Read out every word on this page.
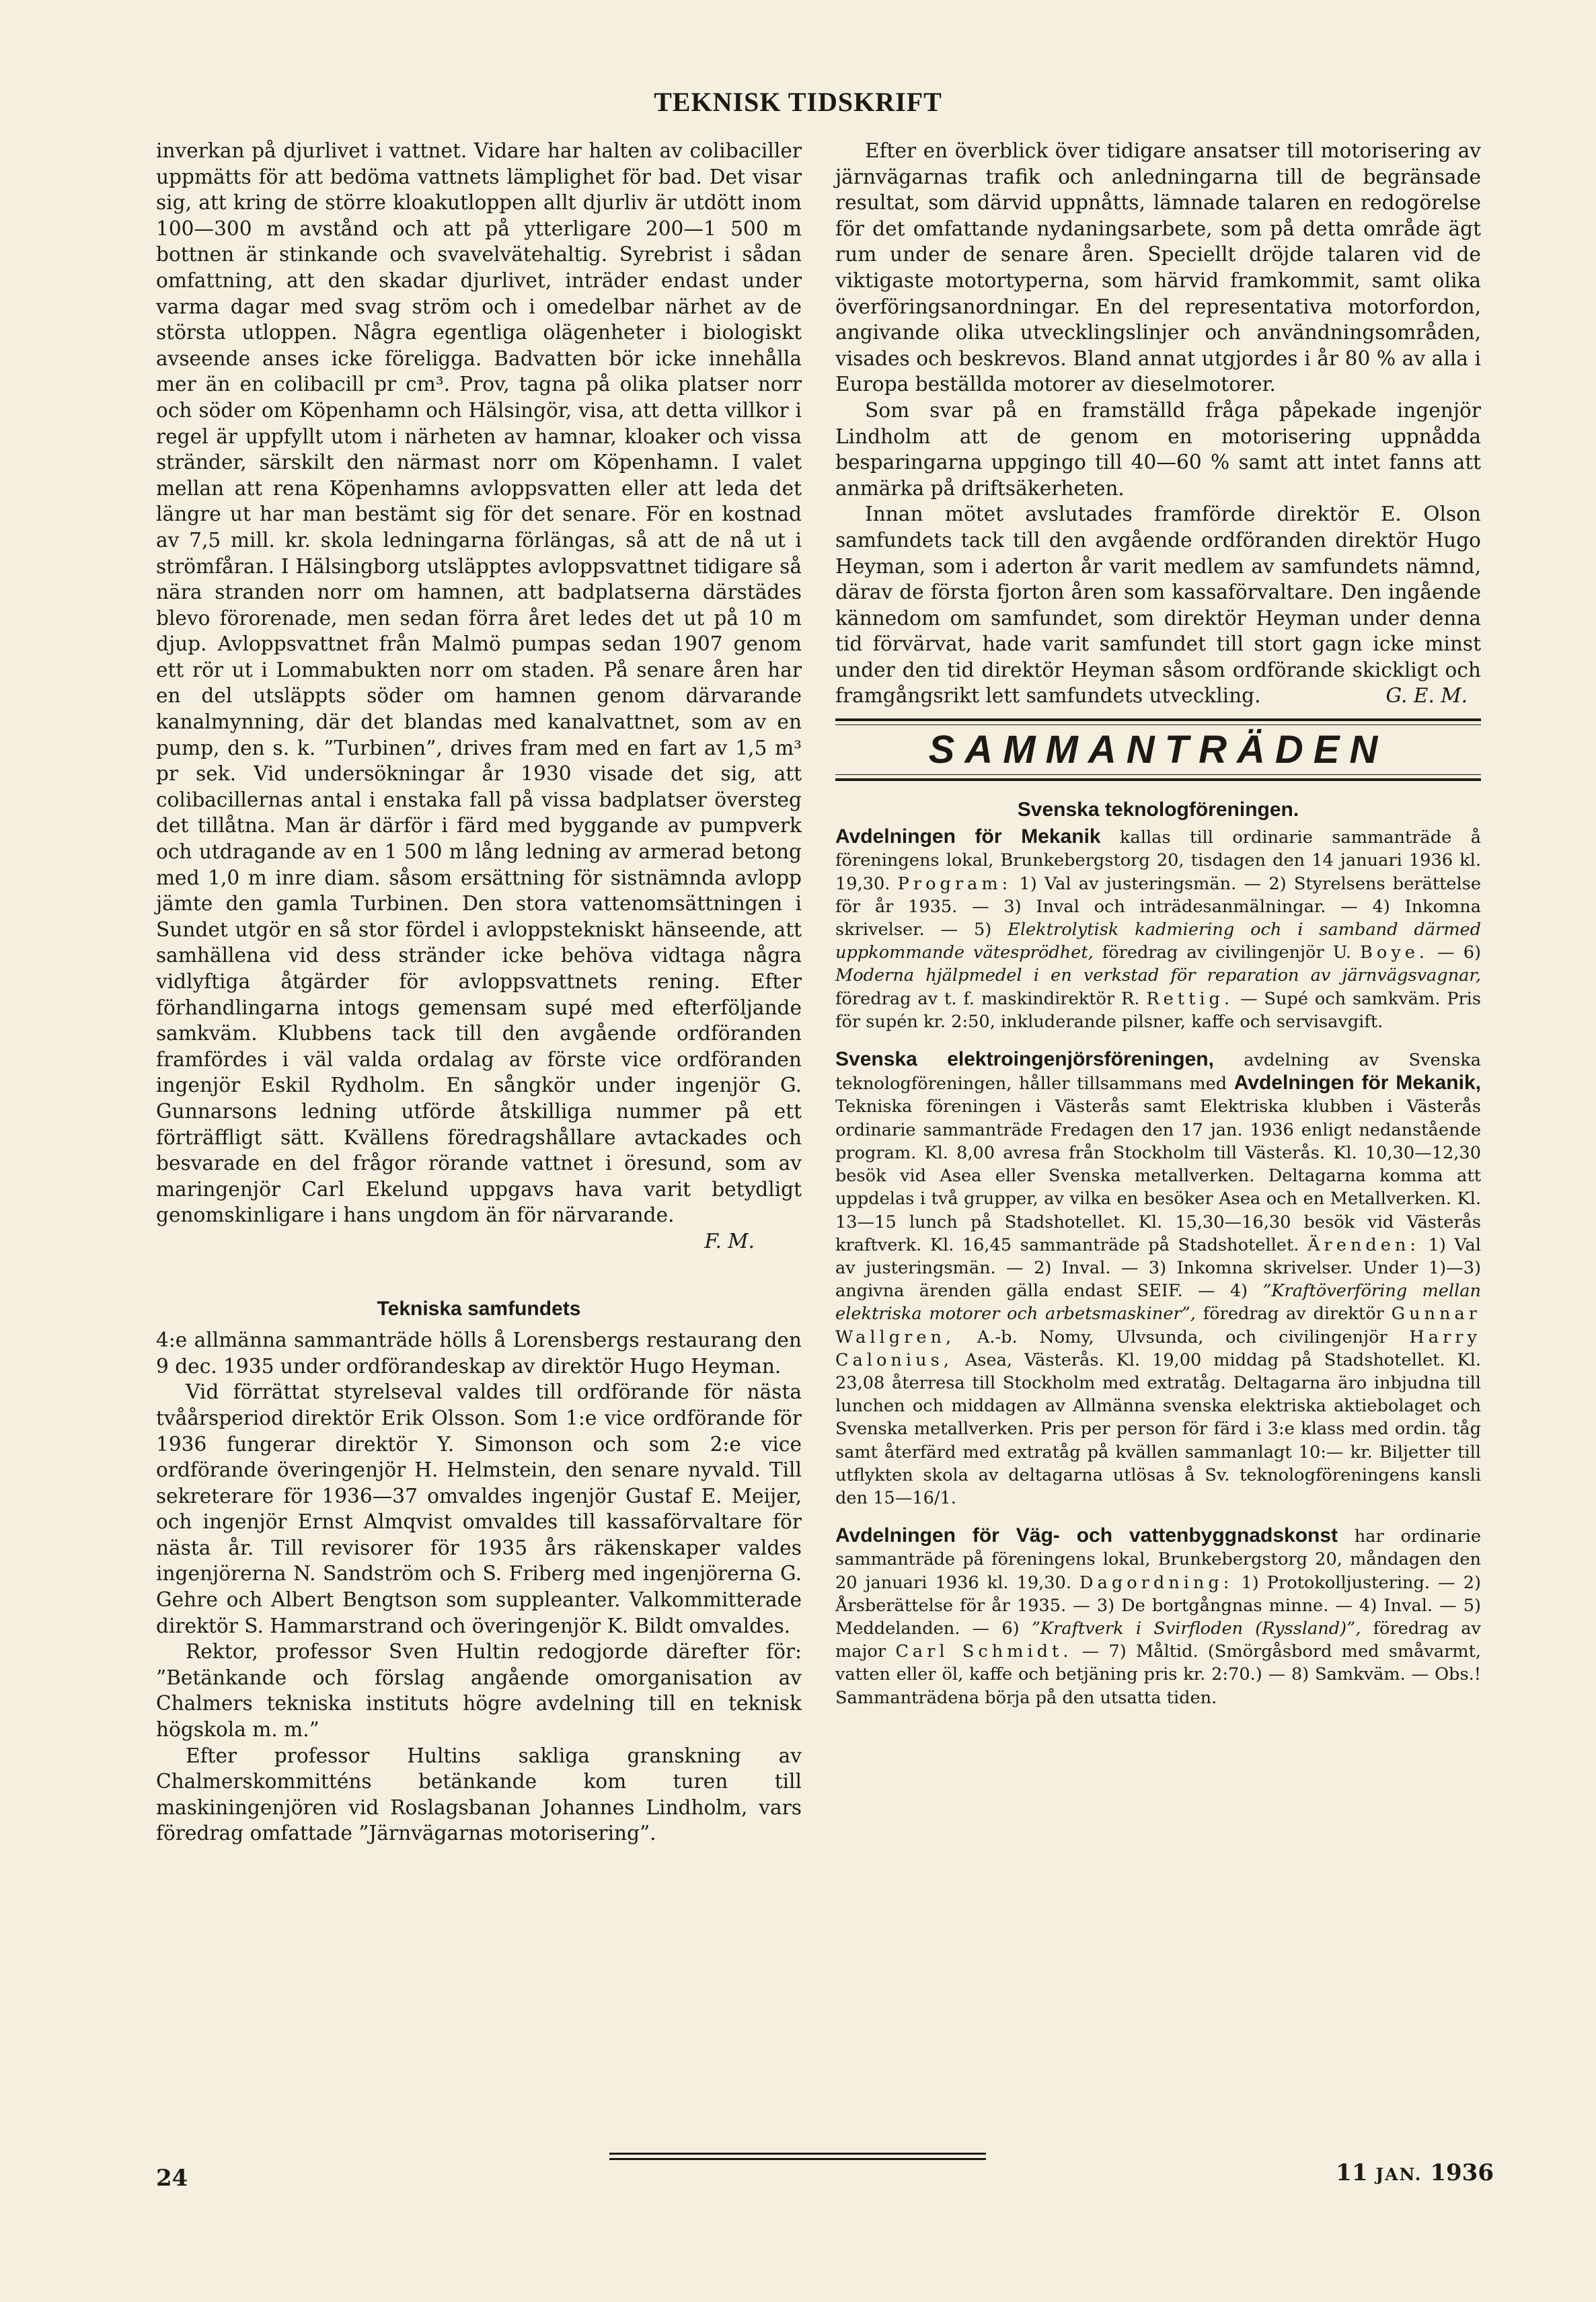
TEKNISK TIDSKRIFT

inverkan på djurlivet i vattnet. Vidare har halten av colibaciller uppmätts för att bedöma vattnets lämplighet för bad. Det visar sig, att kring de större kloakutloppen allt djurliv är utdött inom 100—300 m avstånd och att på ytterligare 200—1 500 m bottnen är stinkande och svavelvätehaltig. Syrebrist i sådan omfattning, att den skadar djurlivet, inträder endast under varma dagar med svag ström och i omedelbar närhet av de största utloppen. Några egentliga olägenheter i biologiskt avseende anses icke föreligga. Badvatten bör icke innehålla mer än en colibacill pr cm³. Prov, tagna på olika platser norr och söder om Köpenhamn och Hälsingör, visa, att detta villkor i regel är uppfyllt utom i närheten av hamnar, kloaker och vissa stränder, särskilt den närmast norr om Köpenhamn. I valet mellan att rena Köpenhamns avloppsvatten eller att leda det längre ut har man bestämt sig för det senare. För en kostnad av 7,5 mill. kr. skola ledningarna förlängas, så att de nå ut i strömfåran. I Hälsingborg utsläpptes avloppsvattnet tidigare så nära stranden norr om hamnen, att badplatserna därstädes blevo förorenade, men sedan förra året ledes det ut på 10 m djup. Avloppsvattnet från Malmö pumpas sedan 1907 genom ett rör ut i Lommabukten norr om staden. På senare åren har en del utsläppts söder om hamnen genom därvarande kanalmynning, där det blandas med kanalvattnet, som av en pump, den s. k. ”Turbinen”, drives fram med en fart av 1,5 m³ pr sek. Vid undersökningar år 1930 visade det sig, att colibacillernas antal i enstaka fall på vissa badplatser översteg det tillåtna. Man är därför i färd med byggande av pumpverk och utdragande av en 1 500 m lång ledning av armerad betong med 1,0 m inre diam. såsom ersättning för sistnämnda avlopp jämte den gamla Turbinen. Den stora vattenomsättningen i Sundet utgör en så stor fördel i avloppstekniskt hänseende, att samhällena vid dess stränder icke behöva vidtaga några vidlyftiga åtgärder för avloppsvattnets rening. Efter förhandlingarna intogs gemensam supé med efterföljande samkväm. Klubbens tack till den avgående ordföranden framfördes i väl valda ordalag av förste vice ordföranden ingenjör Eskil Rydholm. En sångkör under ingenjör G. Gunnarsons ledning utförde åtskilliga nummer på ett förträffligt sätt. Kvällens föredragshållare avtackades och besvarade en del frågor rörande vattnet i öresund, som av maringenjör Carl Ekelund uppgavs hava varit betydligt genomskinligare i hans ungdom än för närvarande.

F. M.

Tekniska samfundets

4:e allmänna sammanträde hölls å Lorensbergs restaurang den 9 dec. 1935 under ordförandeskap av direktör Hugo Heyman.

Vid förrättat styrelseval valdes till ordförande för nästa tvåårsperiod direktör Erik Olsson. Som 1:e vice ordförande för 1936 fungerar direktör Y. Simonson och som 2:e vice ordförande överingenjör H. Helmstein, den senare nyvald. Till sekreterare för 1936—37 omvaldes ingenjör Gustaf E. Meijer, och ingenjör Ernst Almqvist omvaldes till kassaförvaltare för nästa år. Till revisorer för 1935 års räkenskaper valdes ingenjörerna N. Sandström och S. Friberg med ingenjörerna G. Gehre och Albert Bengtson som suppleanter. Valkommitterade direktör S. Hammarstrand och överingenjör K. Bildt omvaldes.

Rektor, professor Sven Hultin redogjorde därefter för: ”Betänkande och förslag angående omorganisation av Chalmers tekniska instituts högre avdelning till en teknisk högskola m. m.”

Efter professor Hultins sakliga granskning av Chalmerskommitténs betänkande kom turen till maskiningenjören vid Roslagsbanan Johannes Lindholm, vars föredrag omfattade ”Järnvägarnas motorisering”.

Efter en överblick över tidigare ansatser till motorisering av järnvägarnas trafik och anledningarna till de begränsade resultat, som därvid uppnåtts, lämnade talaren en redogörelse för det omfattande nydaningsarbete, som på detta område ägt rum under de senare åren. Speciellt dröjde talaren vid de viktigaste motortyperna, som härvid framkommit, samt olika överföringsanordningar. En del representativa motorfordon, angivande olika utvecklingslinjer och användningsområden, visades och beskrevos. Bland annat utgjordes i år 80 % av alla i Europa beställda motorer av dieselmotorer.

Som svar på en framställd fråga påpekade ingenjör Lindholm att de genom en motorisering uppnådda besparingarna uppgingo till 40—60 % samt att intet fanns att anmärka på driftsäkerheten.

Innan mötet avslutades framförde direktör E. Olson samfundets tack till den avgående ordföranden direktör Hugo Heyman, som i aderton år varit medlem av samfundets nämnd, därav de första fjorton åren som kassaförvaltare. Den ingående kännedom om samfundet, som direktör Heyman under denna tid förvärvat, hade varit samfundet till stort gagn icke minst under den tid direktör Heyman såsom ordförande skickligt och framgångsrikt lett samfundets utveckling.	G. E. M.

SAMMANTRÄDEN
Svenska teknologföreningen.

Avdelningen för Mekanik kallas till ordinarie sammanträde å föreningens lokal, Brunkebergstorg 20, tisdagen den 14 januari 1936 kl. 19,30. Program: 1) Val av justeringsmän. — 2) Styrelsens berättelse för år 1935. — 3) Inval och inträdesanmälningar. — 4) Inkomna skrivelser. — 5) Elektrolytisk kadmiering och i samband därmed uppkommande vätesprödhet, föredrag av civilingenjör U. Boye. — 6) Moderna hjälpmedel i en verkstad för reparation av järnvägsvagnar, föredrag av t. f. maskindirektör R. Rettig. — Supé och samkväm. Pris för supén kr. 2:50, inkluderande pilsner, kaffe och servisavgift.

Svenska elektroingenjörsföreningen, avdelning av Svenska teknologföreningen, håller tillsammans med Avdelningen för Mekanik, Tekniska föreningen i Västerås samt Elektriska klubben i Västerås ordinarie sammanträde Fredagen den 17 jan. 1936 enligt nedanstående program. Kl. 8,00 avresa från Stockholm till Västerås. Kl. 10,30—12,30 besök vid Asea eller Svenska metallverken. Deltagarna komma att uppdelas i två grupper, av vilka en besöker Asea och en Metallverken. Kl. 13—15 lunch på Stadshotellet. Kl. 15,30—16,30 besök vid Västerås kraftverk. Kl. 16,45 sammanträde på Stadshotellet. Ärenden: 1) Val av justeringsmän. — 2) Inval. — 3) Inkomna skrivelser. Under 1)—3) angivna ärenden gälla endast SEIF. — 4) ”Kraftöverföring mellan elektriska motorer och arbetsmaskiner”, föredrag av direktör Gunnar Wallgren, A.-b. Nomy, Ulvsunda, och civilingenjör Harry Calonius, Asea, Västerås. Kl. 19,00 middag på Stadshotellet. Kl. 23,08 återresa till Stockholm med extratåg. Deltagarna äro inbjudna till lunchen och middagen av Allmänna svenska elektriska aktiebolaget och Svenska metallverken. Pris per person för färd i 3:e klass med ordin. tåg samt återfärd med extratåg på kvällen sammanlagt 10:— kr. Biljetter till utflykten skola av deltagarna utlösas å Sv. teknologföreningens kansli den 15—16/1.

Avdelningen för Väg- och vattenbyggnadskonst har ordinarie sammanträde på föreningens lokal, Brunkebergstorg 20, måndagen den 20 januari 1936 kl. 19,30. Dagordning: 1) Protokolljustering. — 2) Årsberättelse för år 1935. — 3) De bortgångnas minne. — 4) Inval. — 5) Meddelanden. — 6) ”Kraftverk i Svirfloden (Ryssland)”, föredrag av major Carl Schmidt. — 7) Måltid. (Smörgåsbord med småvarmt, vatten eller öl, kaffe och betjäning pris kr. 2:70.) — 8) Samkväm. — Obs.! Sammanträdena börja på den utsatta tiden.

24	11 JAN. 1936
